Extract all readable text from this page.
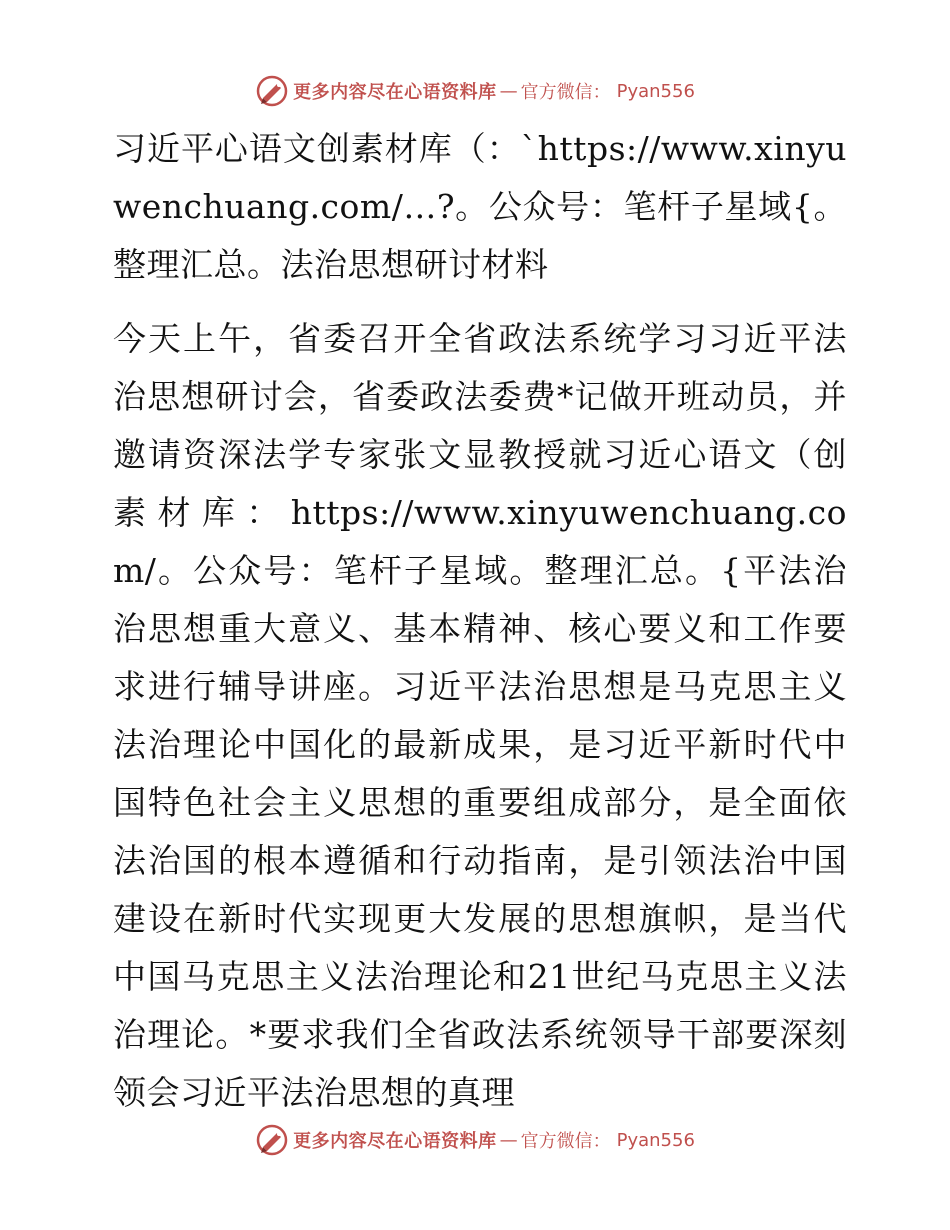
更多内容尽在心语资料库 — 官方微信： Pyan556

习近平心语文创素材库（：`https://www.xinyuwenchuang.com/…?。公众号：笔杆子星域{。整理汇总。法治思想研讨材料

今天上午，省委召开全省政法系统学习习近平法治思想研讨会，省委政法委费*记做开班动员，并邀请资深法学专家张文显教授就习近心语文（创素材库：https://www.xinyuwenchuang.com/。公众号：笔杆子星域。整理汇总。{平法治治思想重大意义、基本精神、核心要义和工作要求进行辅导讲座。习近平法治思想是马克思主义法治理论中国化的最新成果，是习近平新时代中国特色社会主义思想的重要组成部分，是全面依法治国的根本遵循和行动指南，是引领法治中国建设在新时代实现更大发展的思想旗帜，是当代中国马克思主义法治理论和21世纪马克思主义法治理论。*要求我们全省政法系统领导干部要深刻领会习近平法治思想的真理

更多内容尽在心语资料库 — 官方微信： Pyan556
